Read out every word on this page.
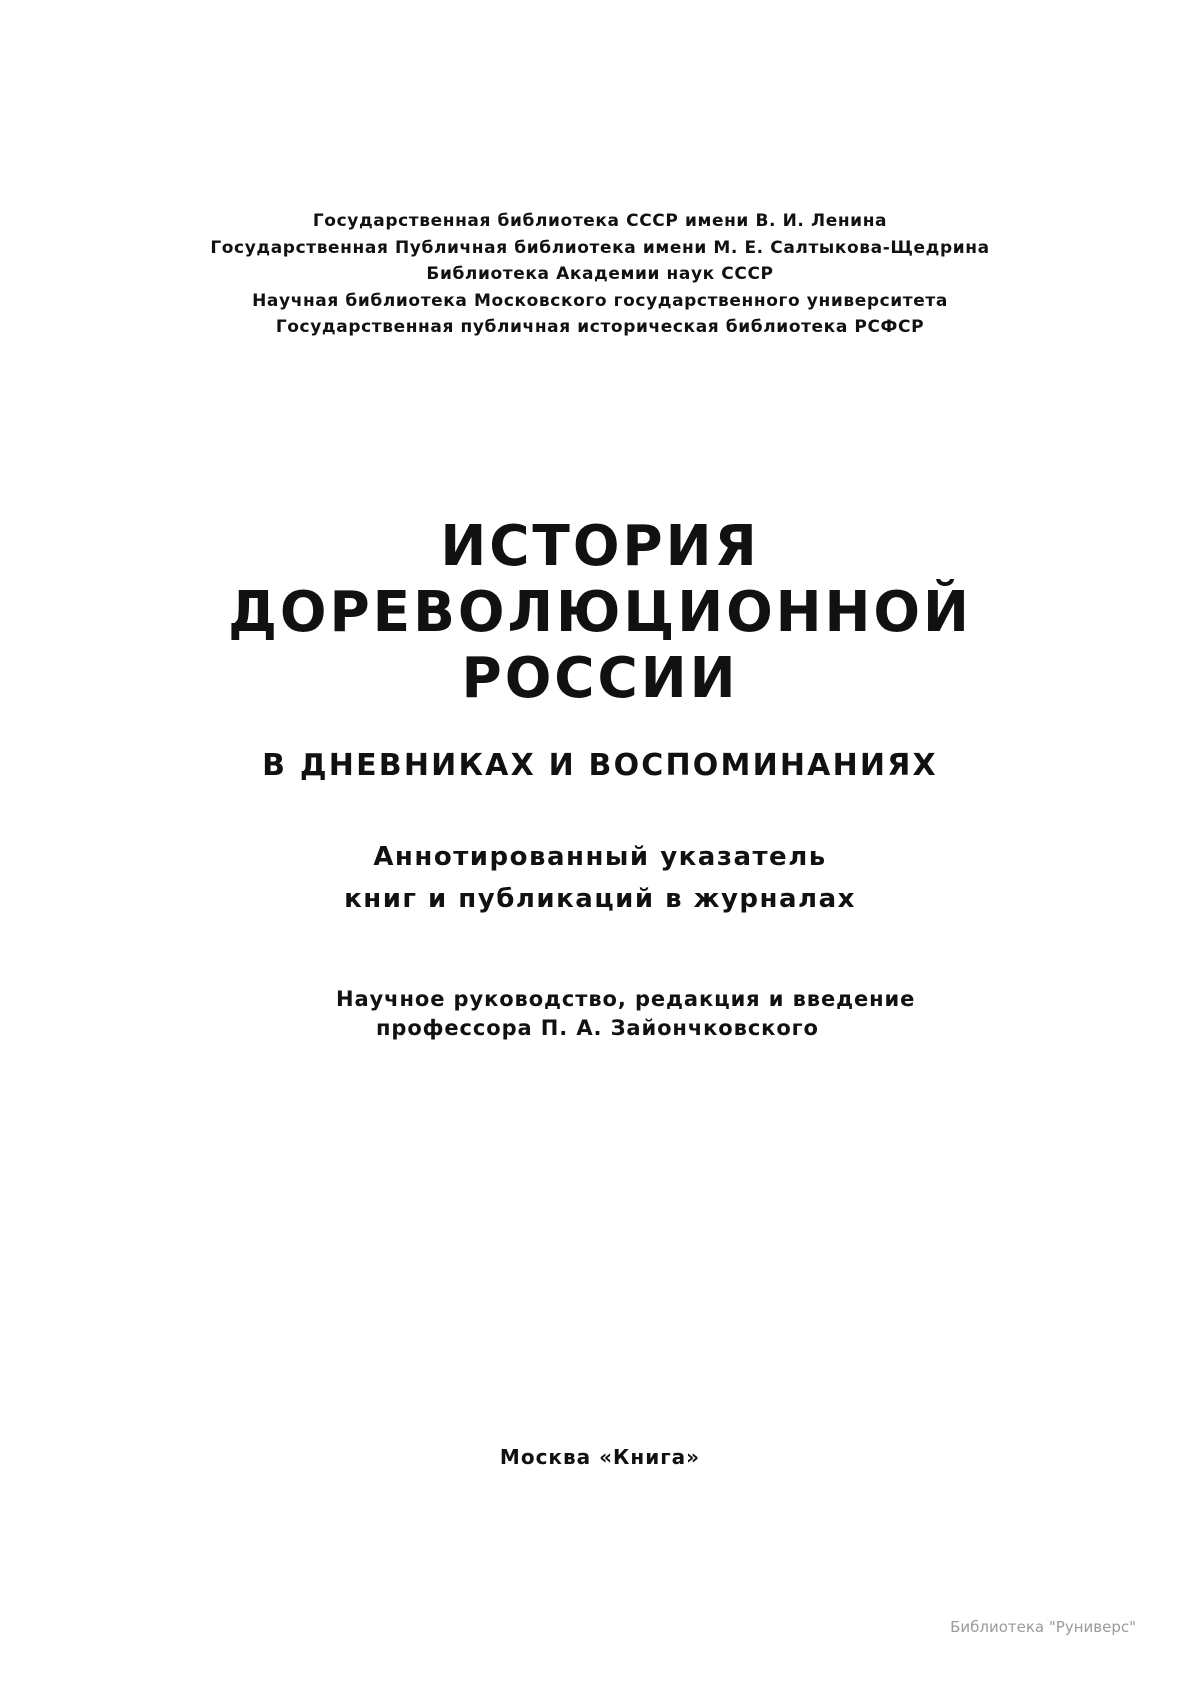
Государственная библиотека СССР имени В. И. Ленина
Государственная Публичная библиотека имени М. Е. Салтыкова-Щедрина
Библиотека Академии наук СССР
Научная библиотека Московского государственного университета
Государственная публичная историческая библиотека РСФСР
ИСТОРИЯ
ДОРЕВОЛЮЦИОННОЙ
РОССИИ
В ДНЕВНИКАХ И ВОСПОМИНАНИЯХ
Аннотированный указатель
книг и публикаций в журналах
Научное руководство, редакция и введение
профессора П. А. Зайончковского
Москва «Книга»
Библиотека "Руниверс"
